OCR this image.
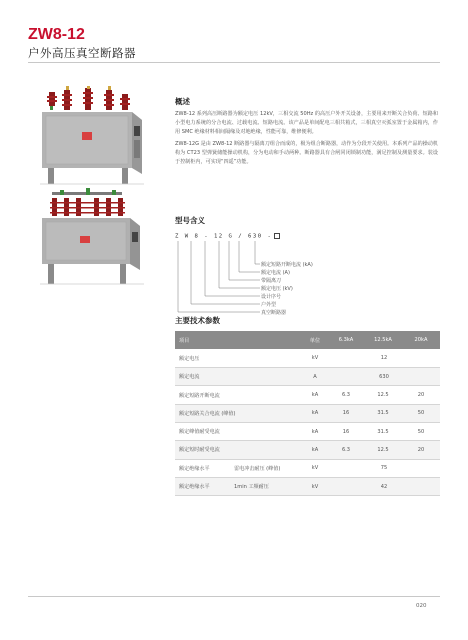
ZW8-12
户外高压真空断路器
概述
ZW8-12 系列高压断路器为额定电压 12kV，三相交流 50Hz 的高压户外开关设备，主要用来开断关合负荷、短路和小型电力系统的分合电流、过载电流、短路电流。该产品是单间配电三相共箱式，三相真空灭弧室置于金属箱内，作用 SMC 绝缘材料相间隔缘及对地绝缘，性能可靠，维修便利。
ZW8-12G 是由 ZW8-12 断路器与隔离刀组合而成的，极为组合断路器，动作为分段开关使用。本系列产品的操动机构为 CT23 型弹簧储能操动机构，分为电动和手动两种。断路器具有合闸同闭锁制功能，满足控制及测量要求。装设于控制柜内，可实现“四遥”功能。
型号含义
Z W 8 - 12 G / 630 -
额定短路开断电流 (kA)
额定电流 (A)
带隔离刀
额定电压 (kV)
设计序号
户外型
真空断路器
主要技术参数
项目		单位	6.3kA	12.5kA	20kA
额定电压		kV	12		
额定电流		A	630		
额定短路开断电流		kA	6.3	12.5	20
额定短路关合电流 (峰值)		kA	16	31.5	50
额定峰值耐受电流		kA	16	31.5	50
额定短时耐受电流		kA	6.3	12.5	20
额定绝缘水平	雷电冲击耐压 (峰值)	kV	75		
额定绝缘水平	1min 工频耐压	kV	42		
020
